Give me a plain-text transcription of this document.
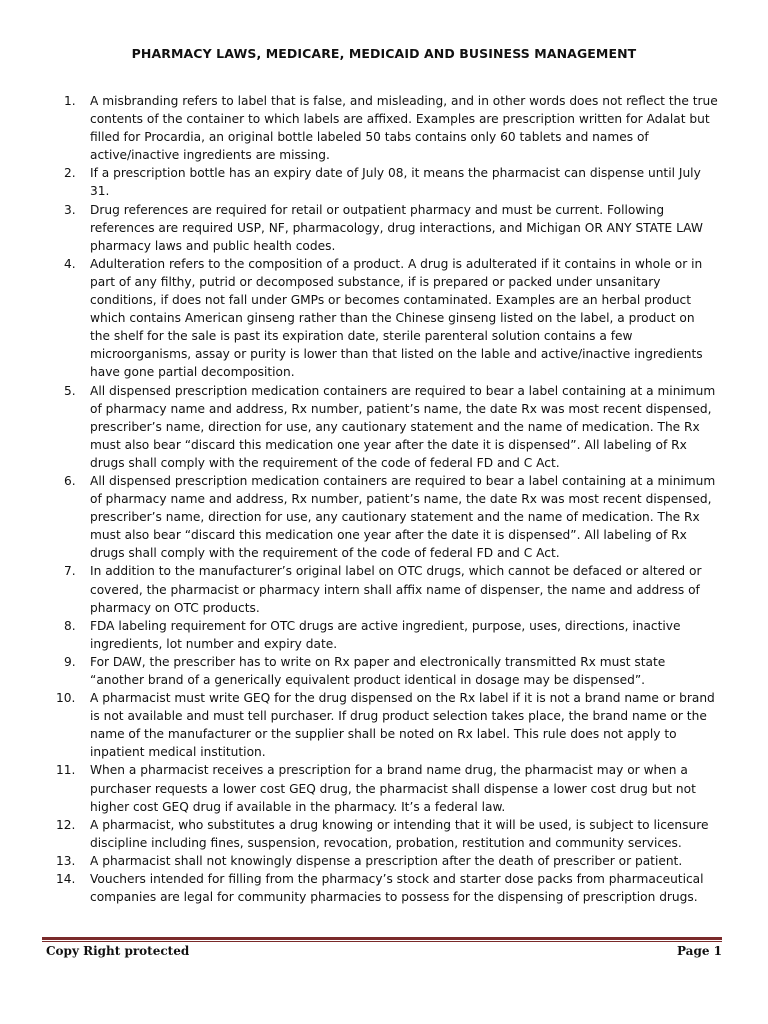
PHARMACY LAWS, MEDICARE, MEDICAID AND BUSINESS MANAGEMENT
1. A misbranding refers to label that is false, and misleading, and in other words does not reflect the true contents of the container to which labels are affixed. Examples are prescription written for Adalat but filled for Procardia, an original bottle labeled 50 tabs contains only 60 tablets and names of active/inactive ingredients are missing.
2. If a prescription bottle has an expiry date of July 08, it means the pharmacist can dispense until July 31.
3. Drug references are required for retail or outpatient pharmacy and must be current. Following references are required USP, NF, pharmacology, drug interactions, and Michigan OR ANY STATE LAW pharmacy laws and public health codes.
4. Adulteration refers to the composition of a product. A drug is adulterated if it contains in whole or in part of any filthy, putrid or decomposed substance, if is prepared or packed under unsanitary conditions, if does not fall under GMPs or becomes contaminated. Examples are an herbal product which contains American ginseng rather than the Chinese ginseng listed on the label, a product on the shelf for the sale is past its expiration date, sterile parenteral solution contains a few microorganisms, assay or purity is lower than that listed on the lable and active/inactive ingredients have gone partial decomposition.
5. All dispensed prescription medication containers are required to bear a label containing at a minimum of pharmacy name and address, Rx number, patient’s name, the date Rx was most recent dispensed, prescriber’s name, direction for use, any cautionary statement and the name of medication. The Rx must also bear “discard this medication one year after the date it is dispensed”. All labeling of Rx drugs shall comply with the requirement of the code of federal FD and C Act.
6. All dispensed prescription medication containers are required to bear a label containing at a minimum of pharmacy name and address, Rx number, patient’s name, the date Rx was most recent dispensed, prescriber’s name, direction for use, any cautionary statement and the name of medication. The Rx must also bear “discard this medication one year after the date it is dispensed”. All labeling of Rx drugs shall comply with the requirement of the code of federal FD and C Act.
7. In addition to the manufacturer’s original label on OTC drugs, which cannot be defaced or altered or covered, the pharmacist or pharmacy intern shall affix name of dispenser, the name and address of pharmacy on OTC products.
8. FDA labeling requirement for OTC drugs are active ingredient, purpose, uses, directions, inactive ingredients, lot number and expiry date.
9. For DAW, the prescriber has to write on Rx paper and electronically transmitted Rx must state “another brand of a generically equivalent product identical in dosage may be dispensed”.
10. A pharmacist must write GEQ for the drug dispensed on the Rx label if it is not a brand name or brand is not available and must tell purchaser. If drug product selection takes place, the brand name or the name of the manufacturer or the supplier shall be noted on Rx label. This rule does not apply to inpatient medical institution.
11. When a pharmacist receives a prescription for a brand name drug, the pharmacist may or when a purchaser requests a lower cost GEQ drug, the pharmacist shall dispense a lower cost drug but not higher cost GEQ drug if available in the pharmacy. It’s a federal law.
12. A pharmacist, who substitutes a drug knowing or intending that it will be used, is subject to licensure discipline including fines, suspension, revocation, probation, restitution and community services.
13. A pharmacist shall not knowingly dispense a prescription after the death of prescriber or patient.
14. Vouchers intended for filling from the pharmacy’s stock and starter dose packs from pharmaceutical companies are legal for community pharmacies to possess for the dispensing of prescription drugs.
Copy Right protected	Page 1
